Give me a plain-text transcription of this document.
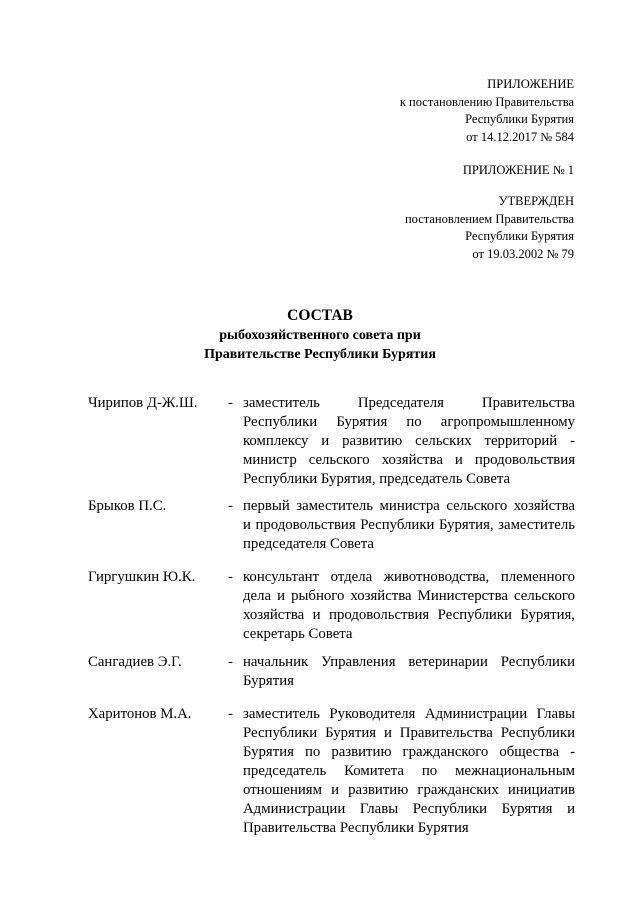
ПРИЛОЖЕНИЕ
к постановлению Правительства
Республики Бурятия
от 14.12.2017 № 584
ПРИЛОЖЕНИЕ № 1
УТВЕРЖДЕН
постановлением Правительства
Республики Бурятия
от 19.03.2002 № 79
СОСТАВ
рыбохозяйственного совета при
Правительстве Республики Бурятия
Чирипов Д-Ж.Ш. - заместитель Председателя Правительства Республики Бурятия по агропромышленному комплексу и развитию сельских территорий - министр сельского хозяйства и продовольствия Республики Бурятия, председатель Совета
Брыков П.С.	- первый заместитель министра сельского хозяйства и продовольствия Республики Бурятия, заместитель председателя Совета
Гиргушкин Ю.К. - консультант отдела животноводства, племенного дела и рыбного хозяйства Министерства сельского хозяйства и продовольствия Республики Бурятия, секретарь Совета
Сангадиев Э.Г.	- начальник Управления ветеринарии Республики Бурятия
Харитонов М.А. - заместитель Руководителя Администрации Главы Республики Бурятия и Правительства Республики Бурятия по развитию гражданского общества - председатель Комитета по межнациональным отношениям и развитию гражданских инициатив Администрации Главы Республики Бурятия и Правительства Республики Бурятия
